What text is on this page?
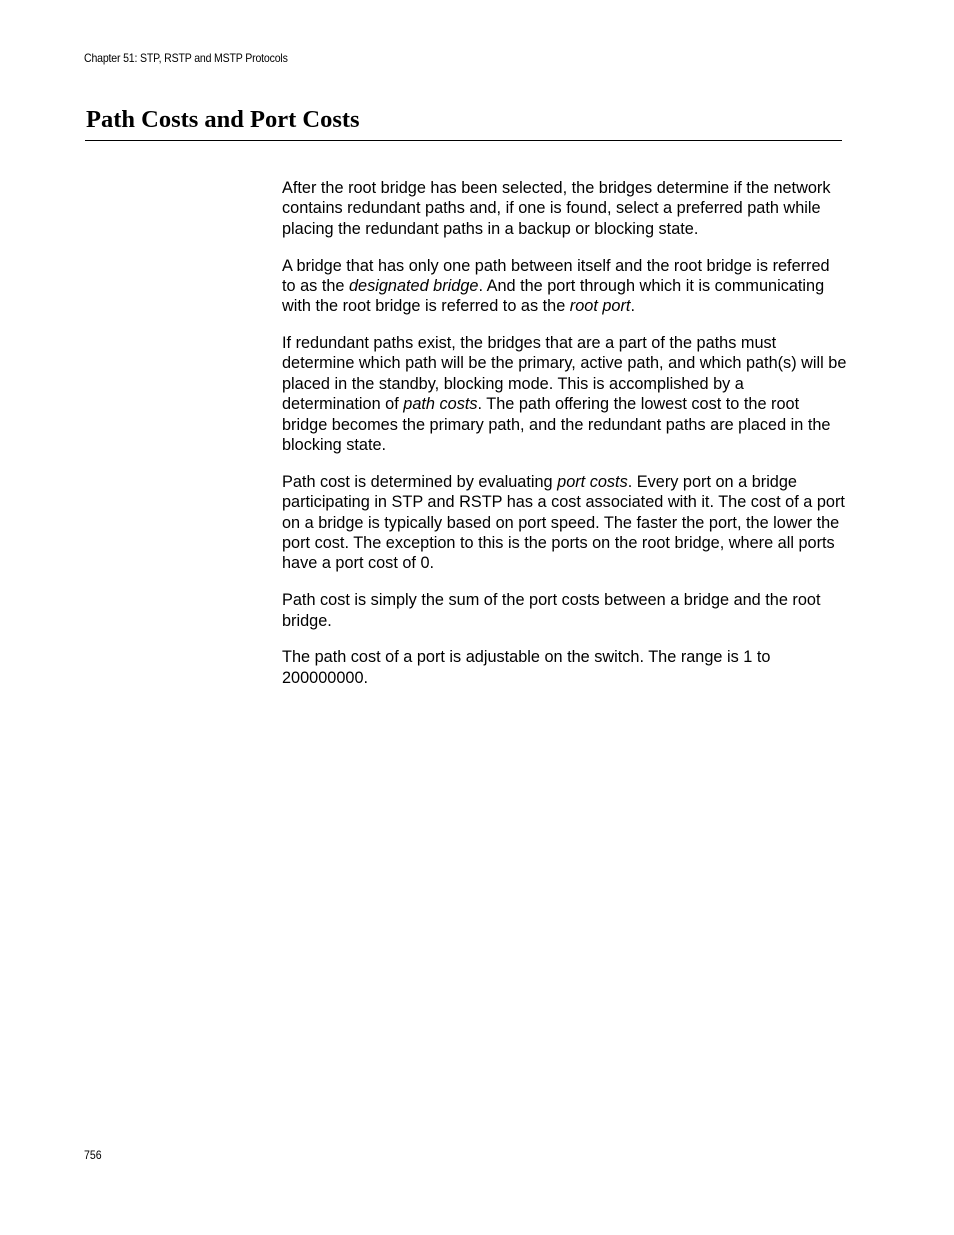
Chapter 51: STP, RSTP and MSTP Protocols
Path Costs and Port Costs

After the root bridge has been selected, the bridges determine if the network contains redundant paths and, if one is found, select a preferred path while placing the redundant paths in a backup or blocking state.

A bridge that has only one path between itself and the root bridge is referred to as the designated bridge. And the port through which it is communicating with the root bridge is referred to as the root port.

If redundant paths exist, the bridges that are a part of the paths must determine which path will be the primary, active path, and which path(s) will be placed in the standby, blocking mode. This is accomplished by a determination of path costs. The path offering the lowest cost to the root bridge becomes the primary path, and the redundant paths are placed in the blocking state.

Path cost is determined by evaluating port costs. Every port on a bridge participating in STP and RSTP has a cost associated with it. The cost of a port on a bridge is typically based on port speed. The faster the port, the lower the port cost. The exception to this is the ports on the root bridge, where all ports have a port cost of 0.

Path cost is simply the sum of the port costs between a bridge and the root bridge.

The path cost of a port is adjustable on the switch. The range is 1 to 200000000.

756
